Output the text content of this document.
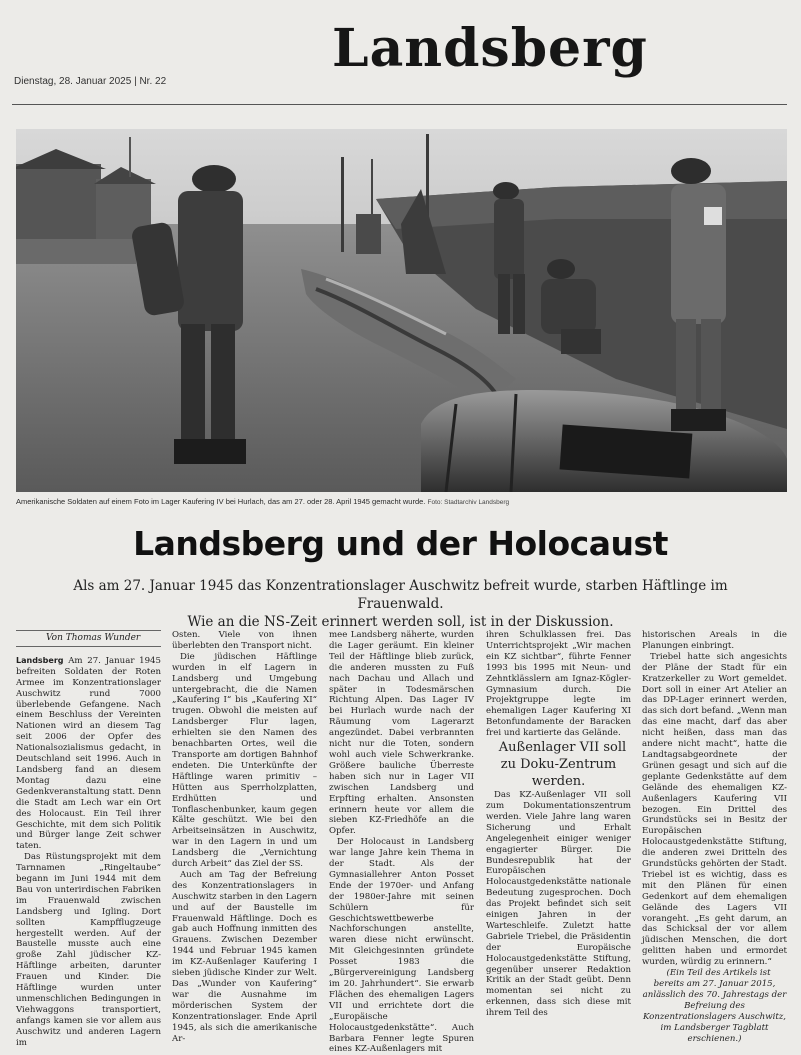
Landsberg
Dienstag, 28. Januar 2025 | Nr. 22
Amerikanische Soldaten auf einem Foto im Lager Kaufering IV bei Hurlach, das am 27. oder 28. April 1945 gemacht wurde. Foto: Stadtarchiv Landsberg
Landsberg und der Holocaust
Als am 27. Januar 1945 das Konzentrationslager Auschwitz befreit wurde, starben Häftlinge im Frauenwald.
Wie an die NS-Zeit erinnert werden soll, ist in der Diskussion.
Von Thomas Wunder

Landsberg Am 27. Januar 1945 befreiten Soldaten der Roten Armee im Konzentrationslager Auschwitz rund 7000 überlebende Gefangene. Nach einem Beschluss der Vereinten Nationen wird an diesem Tag seit 2006 der Opfer des Nationalsozialismus gedacht, in Deutschland seit 1996. Auch in Landsberg fand an diesem Montag dazu eine Gedenkveranstaltung statt. Denn die Stadt am Lech war ein Ort des Holocaust. Ein Teil ihrer Geschichte, mit dem sich Politik und Bürger lange Zeit schwer taten.

Das Rüstungsprojekt mit dem Tarnnamen „Ringeltaube“ begann im Juni 1944 mit dem Bau von unterirdischen Fabriken im Frauenwald zwischen Landsberg und Igling. Dort sollten Kampfflugzeuge hergestellt werden. Auf der Baustelle musste auch eine große Zahl jüdischer KZ-Häftlinge arbeiten, darunter Frauen und Kinder. Die Häftlinge wurden unter unmenschlichen Bedingungen in Viehwaggons transportiert, anfangs kamen sie vor allem aus Auschwitz und anderen Lagern im

Osten. Viele von ihnen überlebten den Transport nicht.

Die jüdischen Häftlinge wurden in elf Lagern in Landsberg und Umgebung untergebracht, die die Namen „Kaufering I“ bis „Kaufering XI“ trugen. Obwohl die meisten auf Landsberger Flur lagen, erhielten sie den Namen des benachbarten Ortes, weil die Transporte am dortigen Bahnhof endeten. Die Unterkünfte der Häftlinge waren primitiv – Hütten aus Sperrholzplatten, Erdhütten und Tonflaschenbunker, kaum gegen Kälte geschützt. Wie bei den Arbeitseinsätzen in Auschwitz, war in den Lagern in und um Landsberg die „Vernichtung durch Arbeit“ das Ziel der SS.

Auch am Tag der Befreiung des Konzentrationslagers in Auschwitz starben in den Lagern und auf der Baustelle im Frauenwald Häftlinge. Doch es gab auch Hoffnung inmitten des Grauens. Zwischen Dezember 1944 und Februar 1945 kamen im KZ-Außenlager Kaufering I sieben jüdische Kinder zur Welt. Das „Wunder von Kaufering“ war die Ausnahme im mörderischen System der Konzentrationslager. Ende April 1945, als sich die amerikanische Ar-

mee Landsberg näherte, wurden die Lager geräumt. Ein kleiner Teil der Häftlinge blieb zurück, die anderen mussten zu Fuß nach Dachau und Allach und später in Todesmärschen Richtung Alpen. Das Lager IV bei Hurlach wurde nach der Räumung vom Lagerarzt angezündet. Dabei verbrannten nicht nur die Toten, sondern wohl auch viele Schwerkranke. Größere bauliche Überreste haben sich nur in Lager VII zwischen Landsberg und Erpfting erhalten. Ansonsten erinnern heute vor allem die sieben KZ-Friedhöfe an die Opfer.

Der Holocaust in Landsberg war lange Jahre kein Thema in der Stadt. Als der Gymnasiallehrer Anton Posset Ende der 1970er- und Anfang der 1980er-Jahre mit seinen Schülern für Geschichtswettbewerbe Nachforschungen anstellte, waren diese nicht erwünscht. Mit Gleichgesinnten gründete Posset 1983 die „Bürgervereinigung Landsberg im 20. Jahrhundert“. Sie erwarb Flächen des ehemaligen Lagers VII und errichtete dort die „Europäische Holocaustgedenkstätte“. Auch Barbara Fenner legte Spuren eines KZ-Außenlagers mit

ihren Schulklassen frei. Das Unterrichtsprojekt „Wir machen ein KZ sichtbar“, führte Fenner 1993 bis 1995 mit Neun- und Zehntklässlern am Ignaz-Kögler-Gymnasium durch. Die Projektgruppe legte im ehemaligen Lager Kaufering XI Betonfundamente der Baracken frei und kartierte das Gelände.

Außenlager VII soll zu Doku-Zentrum werden.

Das KZ-Außenlager VII soll zum Dokumentationszentrum werden. Viele Jahre lang waren Sicherung und Erhalt Angelegenheit einiger weniger engagierter Bürger. Die Bundesrepublik hat der Europäischen Holocaustgedenkstätte nationale Bedeutung zugesprochen. Doch das Projekt befindet sich seit einigen Jahren in der Warteschleife. Zuletzt hatte Gabriele Triebel, die Präsidentin der Europäische Holocaustgedenkstätte Stiftung, gegenüber unserer Redaktion Kritik an der Stadt geübt. Denn momentan sei nicht zu erkennen, dass sich diese mit ihrem Teil des

historischen Areals in die Planungen einbringt.

Triebel hatte sich angesichts der Pläne der Stadt für ein Kratzerkeller zu Wort gemeldet. Dort soll in einer Art Atelier an das DP-Lager erinnert werden, das sich dort befand. „Wenn man das eine macht, darf das aber nicht heißen, dass man das andere nicht macht“, hatte die Landtagsabgeordnete der Grünen gesagt und sich auf die geplante Gedenkstätte auf dem Gelände des ehemaligen KZ-Außenlagers Kaufering VII bezogen. Ein Drittel des Grundstücks sei in Besitz der Europäischen Holocaustgedenkstätte Stiftung, die anderen zwei Dritteln des Grundstücks gehörten der Stadt. Triebel ist es wichtig, dass es mit den Plänen für einen Gedenkort auf dem ehemaligen Gelände des Lagers VII vorangeht. „Es geht darum, an das Schicksal der vor allem jüdischen Menschen, die dort gelitten haben und ermordet wurden, würdig zu erinnern.“

(Ein Teil des Artikels ist bereits am 27. Januar 2015, anlässlich des 70. Jahrestags der Befreiung des Konzentrationslagers Auschwitz, im Landsberger Tagblatt erschienen.)
